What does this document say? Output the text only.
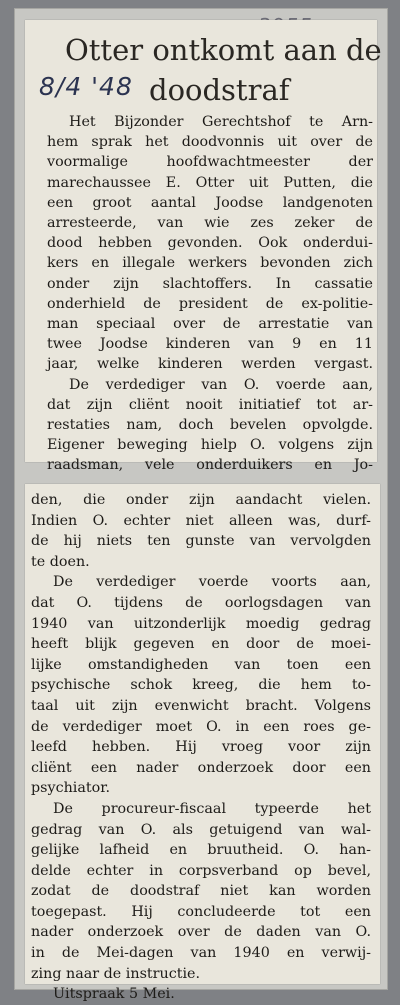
Otter ontkomt aan de
8/4 '48 doodstraf
Het Bijzonder Gerechtshof te Arn-
hem sprak het doodvonnis uit over de
voormalige hoofdwachtmeester der
marechaussee E. Otter uit Putten, die
een groot aantal Joodse landgenoten
arresteerde, van wie zes zeker de
dood hebben gevonden. Ook onderdui-
kers en illegale werkers bevonden zich
onder zijn slachtoffers. In cassatie
onderhield de president de ex-politie-
man speciaal over de arrestatie van
twee Joodse kinderen van 9 en 11
jaar, welke kinderen werden vergast.
De verdediger van O. voerde aan,
dat zijn cliënt nooit initiatief tot ar-
restaties nam, doch bevelen opvolgde.
Eigener beweging hielp O. volgens zijn
raadsman, vele onderduikers en Jo-
den, die onder zijn aandacht vielen.
Indien O. echter niet alleen was, durf-
de hij niets ten gunste van vervolgden
te doen.
De verdediger voerde voorts aan,
dat O. tijdens de oorlogsdagen van
1940 van uitzonderlijk moedig gedrag
heeft blijk gegeven en door de moei-
lijke omstandigheden van toen een
psychische schok kreeg, die hem to-
taal uit zijn evenwicht bracht. Volgens
de verdediger moet O. in een roes ge-
leefd hebben. Hij vroeg voor zijn
cliënt een nader onderzoek door een
psychiator.
De procureur-fiscaal typeerde het
gedrag van O. als getuigend van wal-
gelijke lafheid en bruutheid. O. han-
delde echter in corpsverband op bevel,
zodat de doodstraf niet kan worden
toegepast. Hij concludeerde tot een
nader onderzoek over de daden van O.
in de Mei-dagen van 1940 en verwij-
zing naar de instructie.
Uitspraak 5 Mei.
